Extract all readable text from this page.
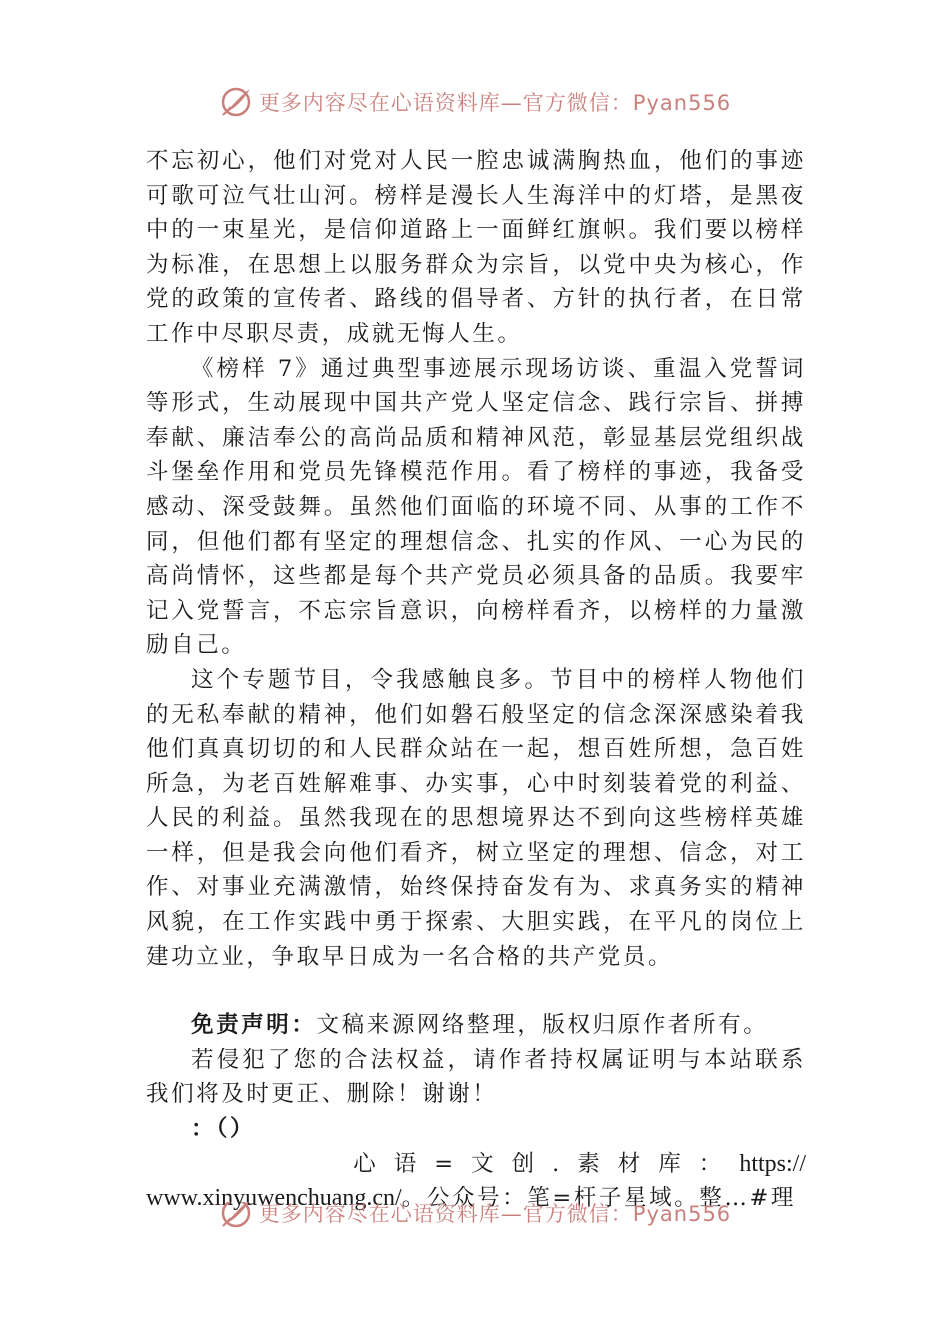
更多内容尽在心语资料库—官方微信：Pyan556

不忘初心，他们对党对人民一腔忠诚满胸热血，他们的事迹可歌可泣气壮山河。榜样是漫长人生海洋中的灯塔，是黑夜中的一束星光，是信仰道路上一面鲜红旗帜。我们要以榜样为标准，在思想上以服务群众为宗旨，以党中央为核心，作党的政策的宣传者、路线的倡导者、方针的执行者，在日常工作中尽职尽责，成就无悔人生。

《榜样 7》通过典型事迹展示现场访谈、重温入党誓词等形式，生动展现中国共产党人坚定信念、践行宗旨、拼搏奉献、廉洁奉公的高尚品质和精神风范，彰显基层党组织战斗堡垒作用和党员先锋模范作用。看了榜样的事迹，我备受感动、深受鼓舞。虽然他们面临的环境不同、从事的工作不同，但他们都有坚定的理想信念、扎实的作风、一心为民的高尚情怀，这些都是每个共产党员必须具备的品质。我要牢记入党誓言，不忘宗旨意识，向榜样看齐，以榜样的力量激励自己。

这个专题节目，令我感触良多。节目中的榜样人物他们的无私奉献的精神，他们如磐石般坚定的信念深深感染着我他们真真切切的和人民群众站在一起，想百姓所想，急百姓所急，为老百姓解难事、办实事，心中时刻装着党的利益、人民的利益。虽然我现在的思想境界达不到向这些榜样英雄一样，但是我会向他们看齐，树立坚定的理想、信念，对工作、对事业充满激情，始终保持奋发有为、求真务实的精神风貌，在工作实践中勇于探索、大胆实践，在平凡的岗位上建功立业，争取早日成为一名合格的共产党员。

免责声明：文稿来源网络整理，版权归原作者所有。

若侵犯了您的合法权益，请作者持权属证明与本站联系我们将及时更正、删除！谢谢！

：（）

心语=文创.素材库：https://

www.xinyuwenchuang.cn/。公众号：笔=杆子星域。整…#理

更多内容尽在心语资料库—官方微信：Pyan556
